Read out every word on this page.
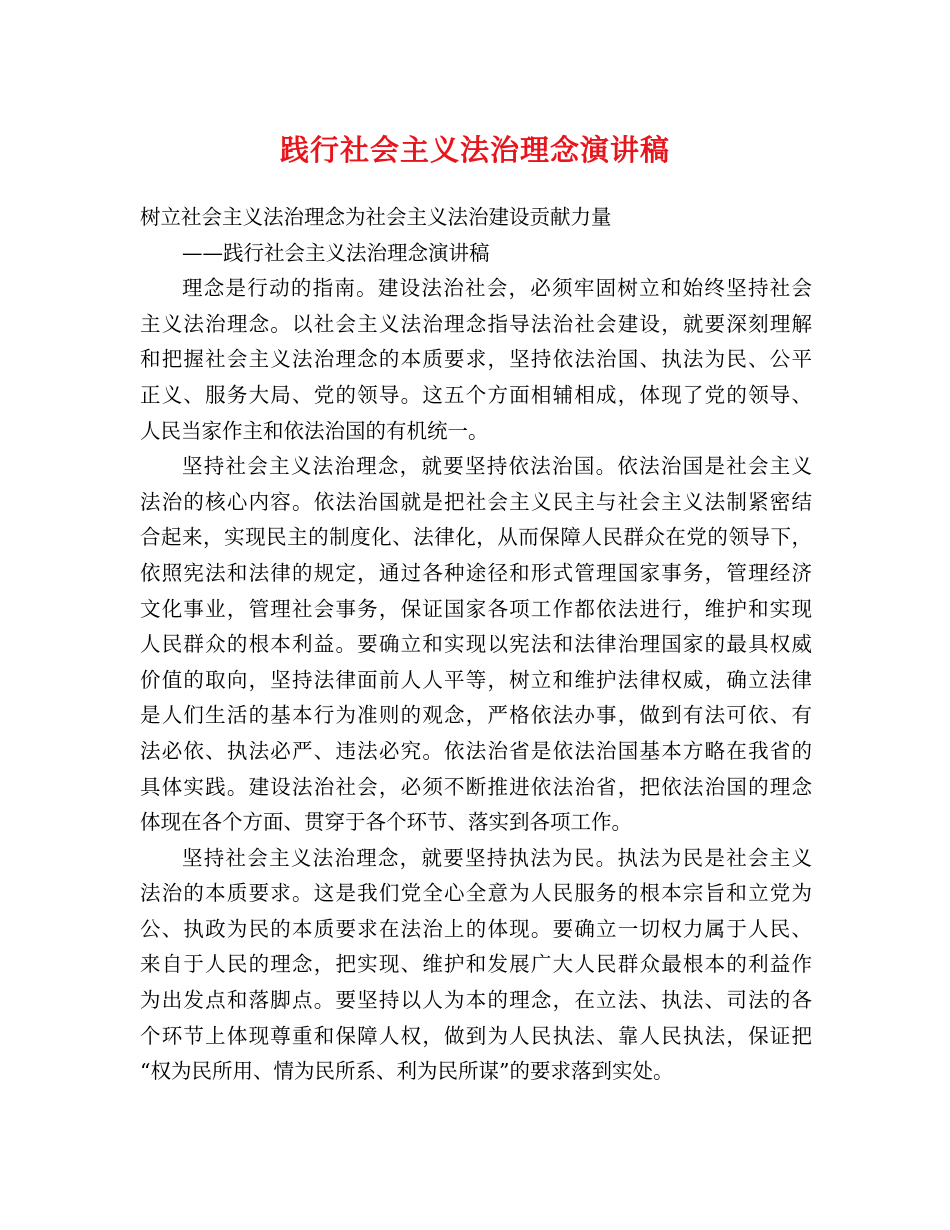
践行社会主义法治理念演讲稿
树立社会主义法治理念为社会主义法治建设贡献力量
——践行社会主义法治理念演讲稿
理念是行动的指南。建设法治社会，必须牢固树立和始终坚持社会
主义法治理念。以社会主义法治理念指导法治社会建设，就要深刻理解
和把握社会主义法治理念的本质要求，坚持依法治国、执法为民、公平
正义、服务大局、党的领导。这五个方面相辅相成，体现了党的领导、
人民当家作主和依法治国的有机统一。
坚持社会主义法治理念，就要坚持依法治国。依法治国是社会主义
法治的核心内容。依法治国就是把社会主义民主与社会主义法制紧密结
合起来，实现民主的制度化、法律化，从而保障人民群众在党的领导下，
依照宪法和法律的规定，通过各种途径和形式管理国家事务，管理经济
文化事业，管理社会事务，保证国家各项工作都依法进行，维护和实现
人民群众的根本利益。要确立和实现以宪法和法律治理国家的最具权威
价值的取向，坚持法律面前人人平等，树立和维护法律权威，确立法律
是人们生活的基本行为准则的观念，严格依法办事，做到有法可依、有
法必依、执法必严、违法必究。依法治省是依法治国基本方略在我省的
具体实践。建设法治社会，必须不断推进依法治省，把依法治国的理念
体现在各个方面、贯穿于各个环节、落实到各项工作。
坚持社会主义法治理念，就要坚持执法为民。执法为民是社会主义
法治的本质要求。这是我们党全心全意为人民服务的根本宗旨和立党为
公、执政为民的本质要求在法治上的体现。要确立一切权力属于人民、
来自于人民的理念，把实现、维护和发展广大人民群众最根本的利益作
为出发点和落脚点。要坚持以人为本的理念，在立法、执法、司法的各
个环节上体现尊重和保障人权，做到为人民执法、靠人民执法，保证把
“权为民所用、情为民所系、利为民所谋”的要求落到实处。
